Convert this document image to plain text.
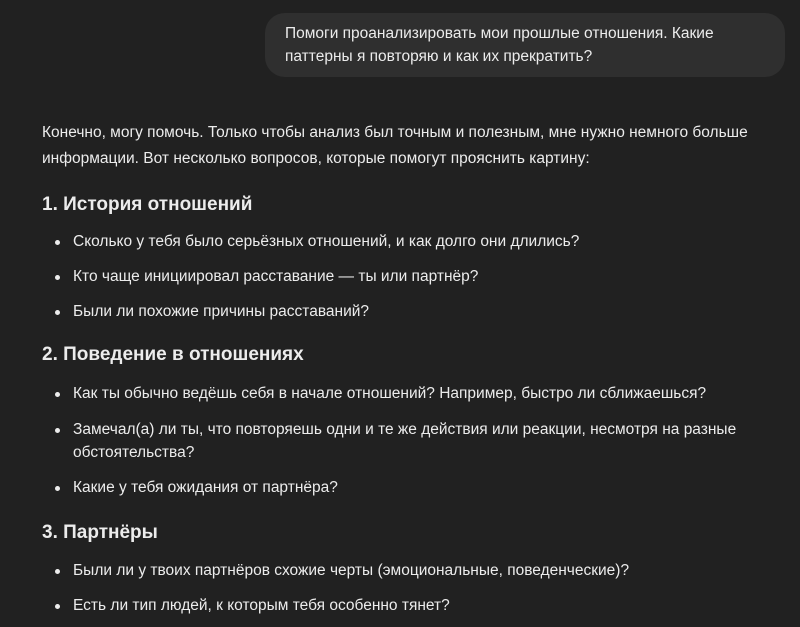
Помоги проанализировать мои прошлые отношения. Какие паттерны я повторяю и как их прекратить?

Конечно, могу помочь. Только чтобы анализ был точным и полезным, мне нужно немного больше информации. Вот несколько вопросов, которые помогут прояснить картину:

1. История отношений
Сколько у тебя было серьёзных отношений, и как долго они длились?
Кто чаще инициировал расставание — ты или партнёр?
Были ли похожие причины расставаний?
2. Поведение в отношениях
Как ты обычно ведёшь себя в начале отношений? Например, быстро ли сближаешься?
Замечал(а) ли ты, что повторяешь одни и те же действия или реакции, несмотря на разные обстоятельства?
Какие у тебя ожидания от партнёра?
3. Партнёры
Были ли у твоих партнёров схожие черты (эмоциональные, поведенческие)?
Есть ли тип людей, к которым тебя особенно тянет?
